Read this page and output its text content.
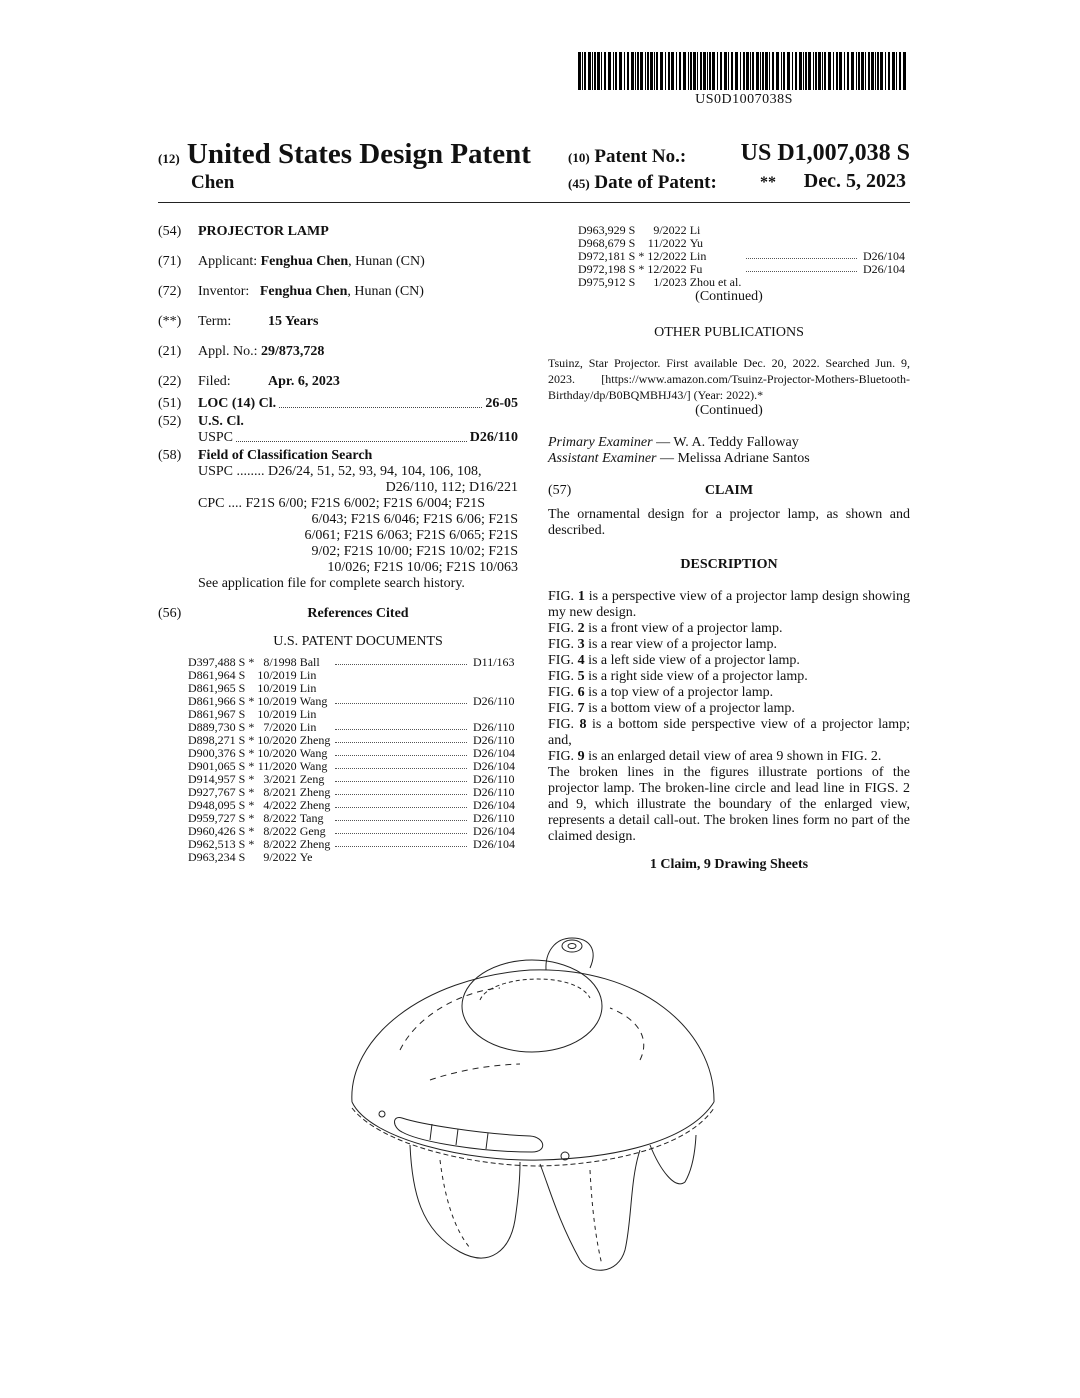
US0D1007038S
(12) United States Design Patent
Chen
(10) Patent No.: US D1,007,038 S
(45) Date of Patent:	** Dec. 5, 2023
(54)	PROJECTOR LAMP
(71)	Applicant: Fenghua Chen, Hunan (CN)
(72)	Inventor: Fenghua Chen, Hunan (CN)
(**)	Term:	15 Years
(21)	Appl. No.: 29/873,728
(22)	Filed:	Apr. 6, 2023
(51)	LOC (14) Cl.	26-05
(52)	U.S. Cl.
USPC	D26/110
(58)	Field of Classification Search
USPC ........ D26/24, 51, 52, 93, 94, 104, 106, 108,
D26/110, 112; D16/221
CPC .... F21S 6/00; F21S 6/002; F21S 6/004; F21S
6/043; F21S 6/046; F21S 6/06; F21S
6/061; F21S 6/063; F21S 6/065; F21S
9/02; F21S 10/00; F21S 10/02; F21S
10/026; F21S 10/06; F21S 10/063
See application file for complete search history.
(56)	References Cited
U.S. PATENT DOCUMENTS
D397,488 S	*	8/1998	Ball		D11/163
D861,964 S		10/2019	Lin		
D861,965 S		10/2019	Lin		
D861,966 S	*	10/2019	Wang		D26/110
D861,967 S		10/2019	Lin		
D889,730 S	*	7/2020	Lin		D26/110
D898,271 S	*	10/2020	Zheng		D26/110
D900,376 S	*	10/2020	Wang		D26/104
D901,065 S	*	11/2020	Wang		D26/104
D914,957 S	*	3/2021	Zeng		D26/110
D927,767 S	*	8/2021	Zheng		D26/110
D948,095 S	*	4/2022	Zheng		D26/104
D959,727 S	*	8/2022	Tang		D26/110
D960,426 S	*	8/2022	Geng		D26/104
D962,513 S	*	8/2022	Zheng		D26/104
D963,234 S		9/2022	Ye		
D963,929 S		9/2022	Li		
D968,679 S		11/2022	Yu		
D972,181 S	*	12/2022	Lin		D26/104
D972,198 S	*	12/2022	Fu		D26/104
D975,912 S		1/2023	Zhou et al.		
(Continued)
OTHER PUBLICATIONS
Tsuinz, Star Projector. First available Dec. 20, 2022. Searched Jun. 9, 2023. [https://www.amazon.com/Tsuinz-Projector-Mothers-Bluetooth-Birthday/dp/B0BQMBHJ43/] (Year: 2022).*
(Continued)
Primary Examiner — W. A. Teddy Falloway
Assistant Examiner — Melissa Adriane Santos
(57)	CLAIM
The ornamental design for a projector lamp, as shown and described.
DESCRIPTION
FIG. 1 is a perspective view of a projector lamp design showing my new design.
FIG. 2 is a front view of a projector lamp.
FIG. 3 is a rear view of a projector lamp.
FIG. 4 is a left side view of a projector lamp.
FIG. 5 is a right side view of a projector lamp.
FIG. 6 is a top view of a projector lamp.
FIG. 7 is a bottom view of a projector lamp.
FIG. 8 is a bottom side perspective view of a projector lamp; and,
FIG. 9 is an enlarged detail view of area 9 shown in FIG. 2.
The broken lines in the figures illustrate portions of the projector lamp. The broken-line circle and lead line in FIGS. 2 and 9, which illustrate the boundary of the enlarged view, represents a detail call-out. The broken lines form no part of the claimed design.
1 Claim, 9 Drawing Sheets
